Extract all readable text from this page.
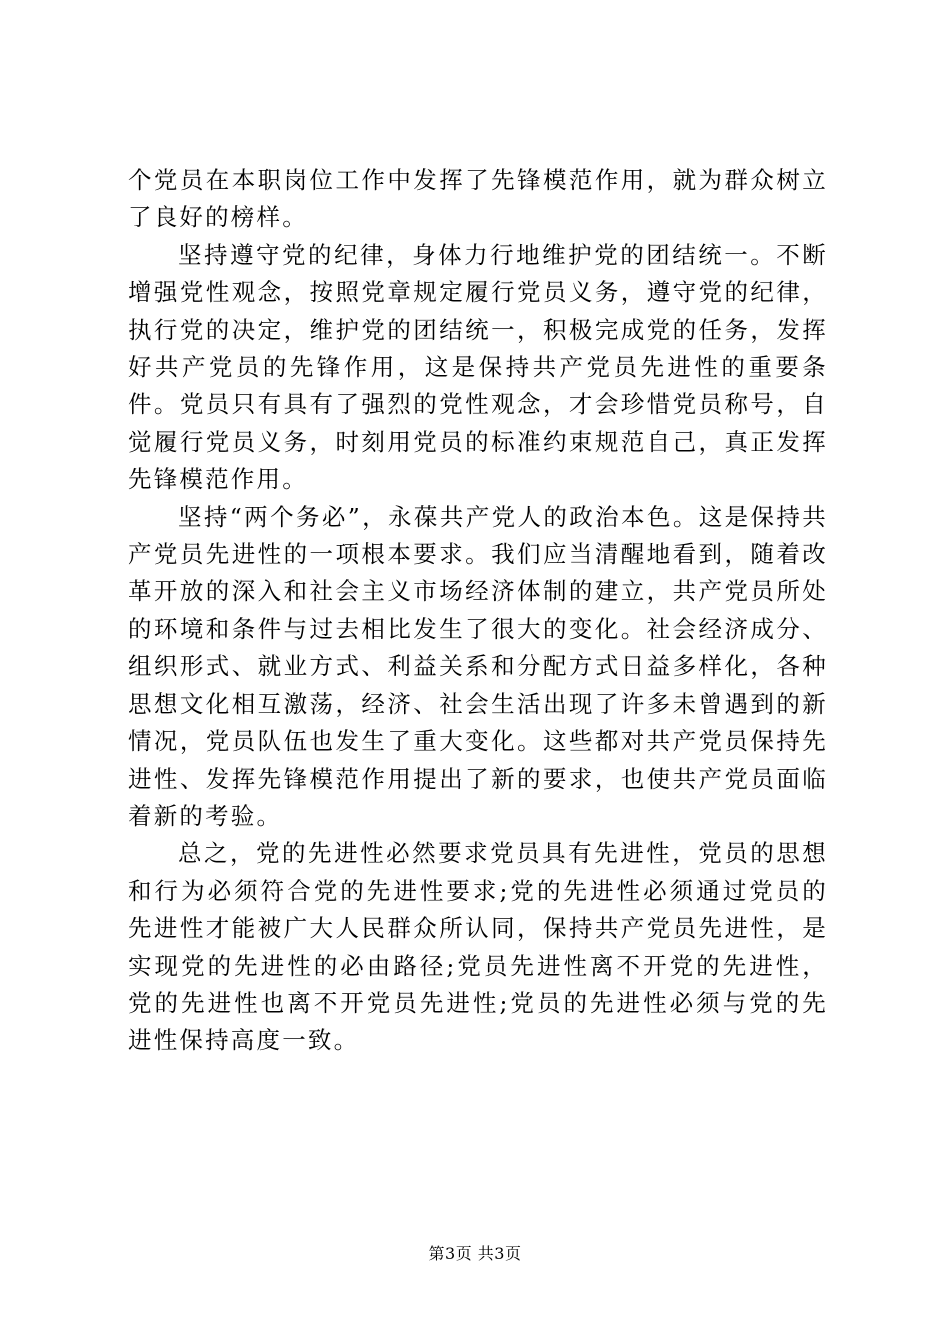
个党员在本职岗位工作中发挥了先锋模范作用，就为群众树立了良好的榜样。

坚持遵守党的纪律，身体力行地维护党的团结统一。不断增强党性观念，按照党章规定履行党员义务，遵守党的纪律，执行党的决定，维护党的团结统一，积极完成党的任务，发挥好共产党员的先锋作用，这是保持共产党员先进性的重要条件。党员只有具有了强烈的党性观念，才会珍惜党员称号，自觉履行党员义务，时刻用党员的标准约束规范自己，真正发挥先锋模范作用。

坚持“两个务必”，永葆共产党人的政治本色。这是保持共产党员先进性的一项根本要求。我们应当清醒地看到，随着改革开放的深入和社会主义市场经济体制的建立，共产党员所处的环境和条件与过去相比发生了很大的变化。社会经济成分、组织形式、就业方式、利益关系和分配方式日益多样化，各种思想文化相互激荡，经济、社会生活出现了许多未曾遇到的新情况，党员队伍也发生了重大变化。这些都对共产党员保持先进性、发挥先锋模范作用提出了新的要求，也使共产党员面临着新的考验。

总之，党的先进性必然要求党员具有先进性，党员的思想和行为必须符合党的先进性要求;党的先进性必须通过党员的先进性才能被广大人民群众所认同，保持共产党员先进性，是实现党的先进性的必由路径;党员先进性离不开党的先进性，党的先进性也离不开党员先进性;党员的先进性必须与党的先进性保持高度一致。

第3页 共3页
